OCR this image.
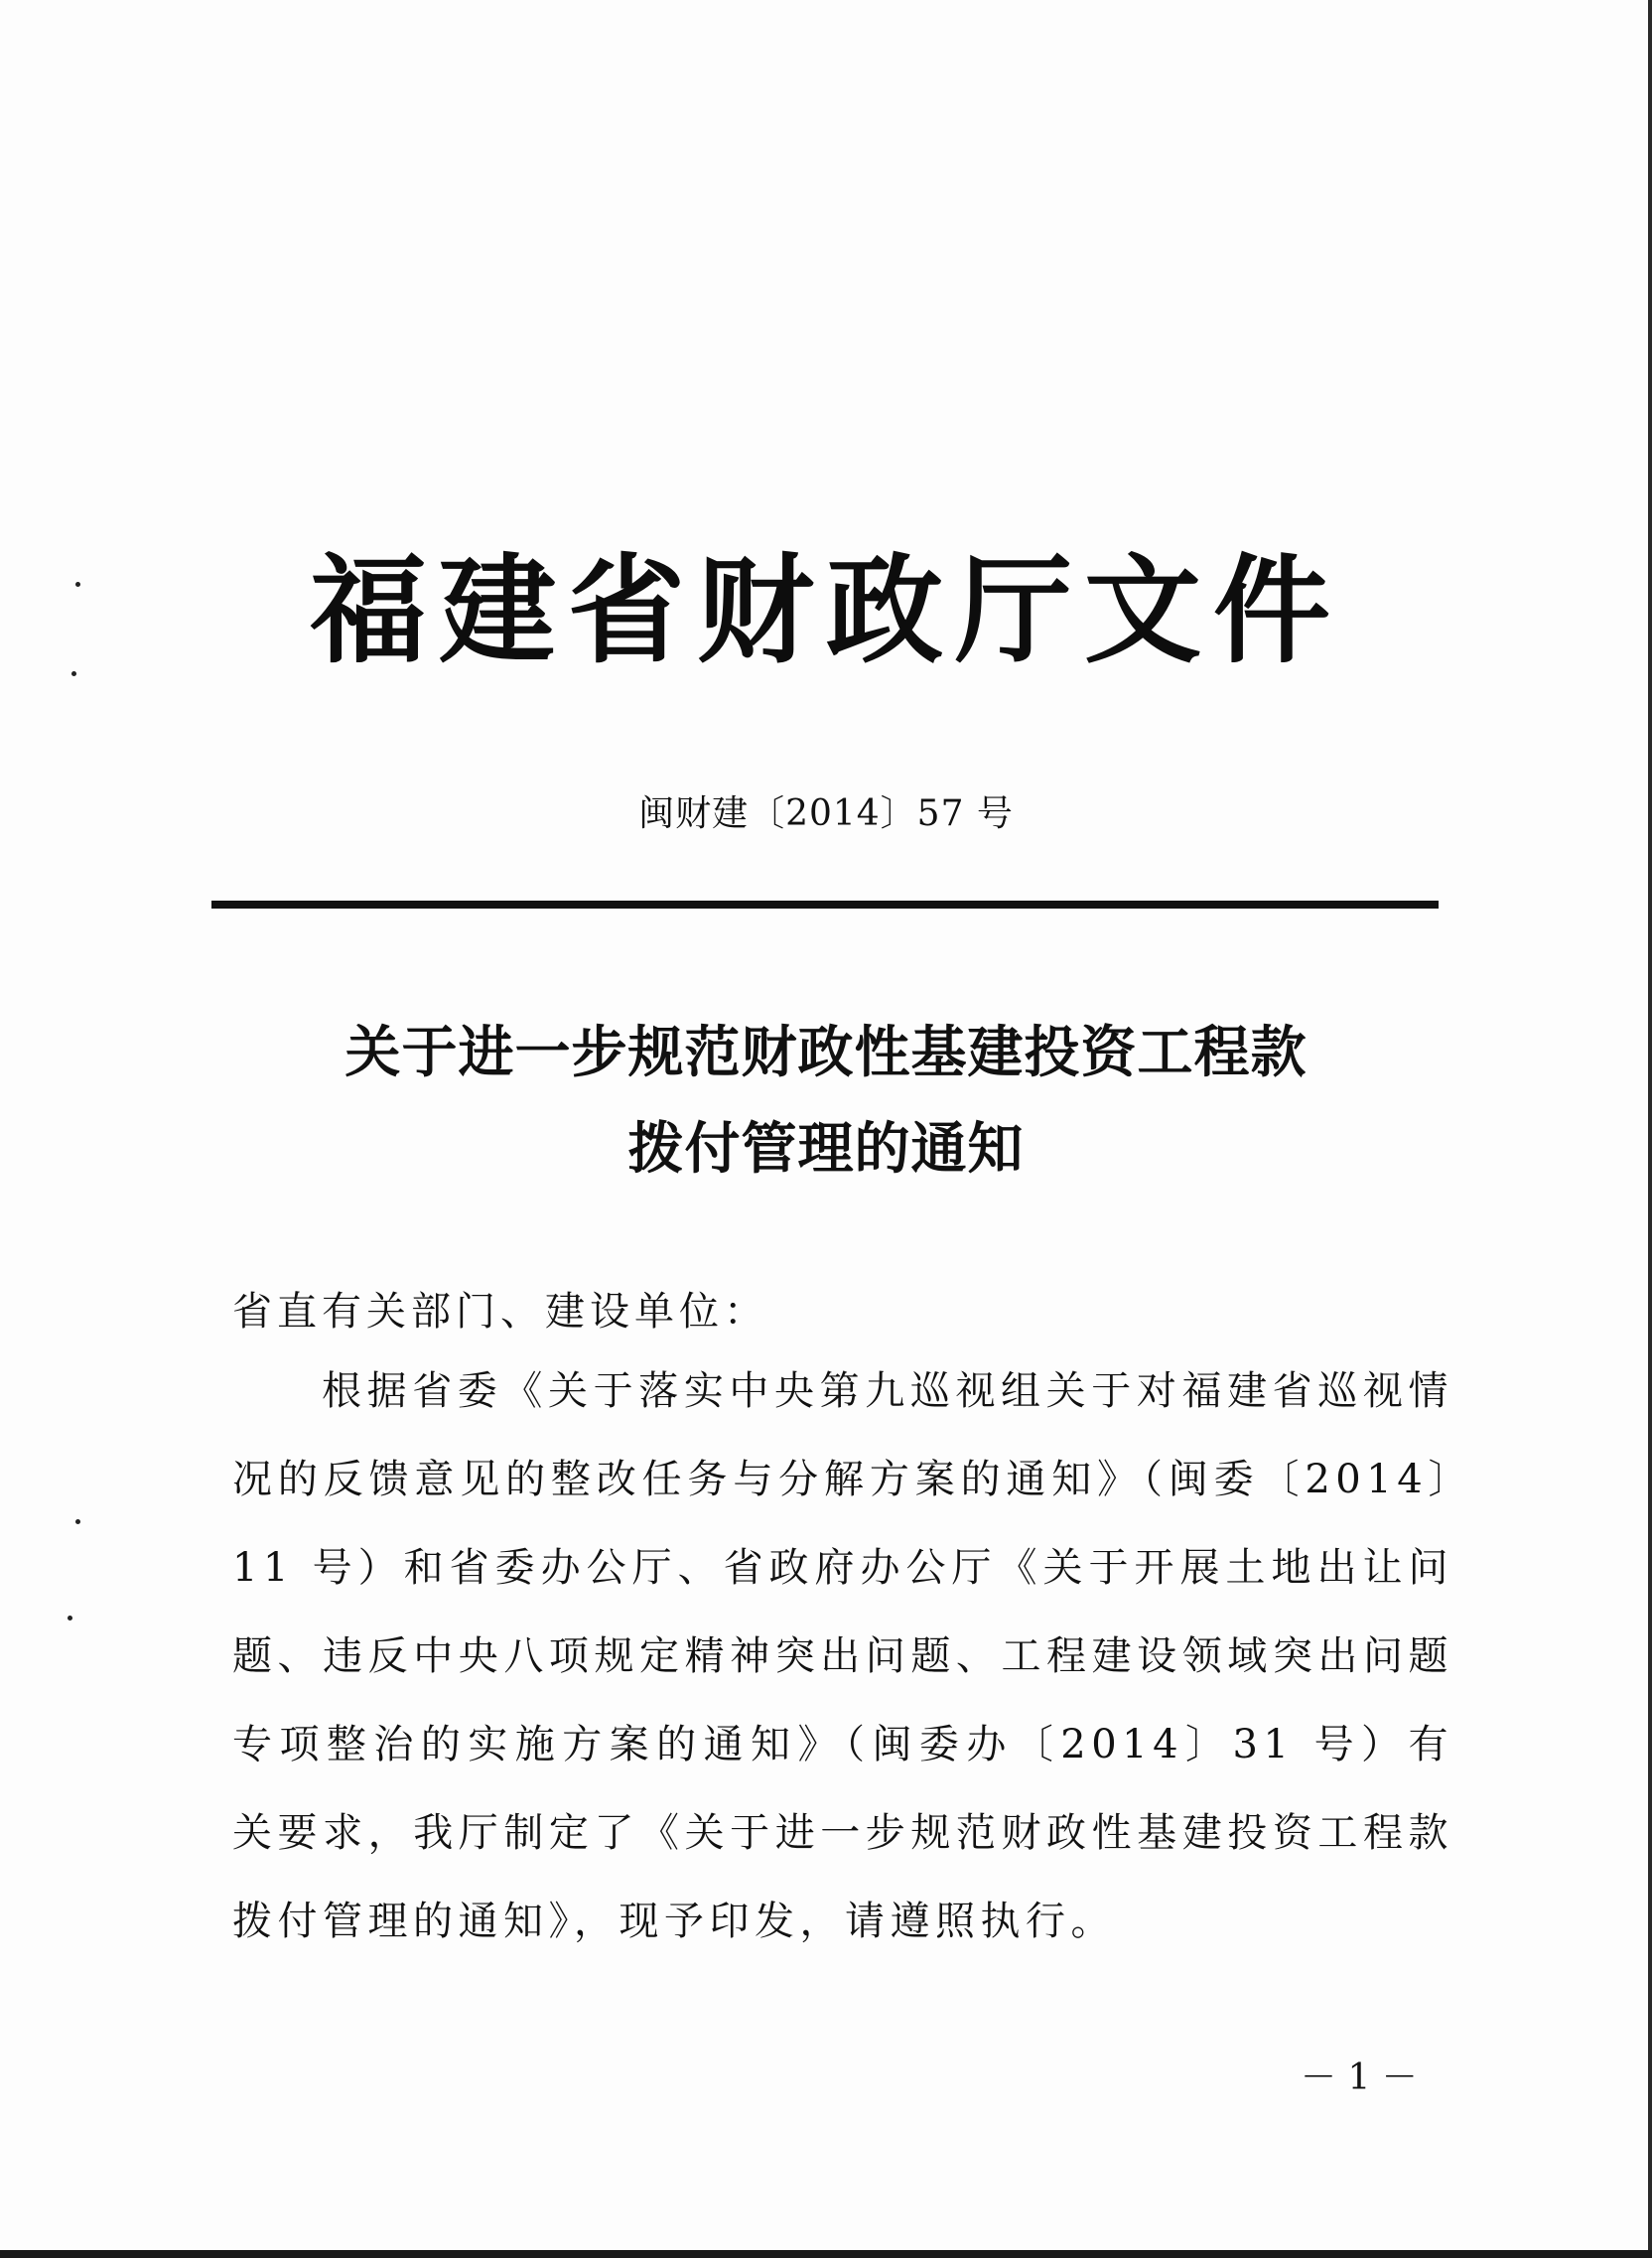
福建省财政厅文件
闽财建〔2014〕57 号
关于进一步规范财政性基建投资工程款
拨付管理的通知
省直有关部门、建设单位：
根据省委《关于落实中央第九巡视组关于对福建省巡视情况的反馈意见的整改任务与分解方案的通知》（闽委〔2014〕11 号）和省委办公厅、省政府办公厅《关于开展土地出让问题、违反中央八项规定精神突出问题、工程建设领域突出问题专项整治的实施方案的通知》（闽委办〔2014〕31 号）有关要求，我厅制定了《关于进一步规范财政性基建投资工程款拨付管理的通知》，现予印发，请遵照执行。
－ 1 －
